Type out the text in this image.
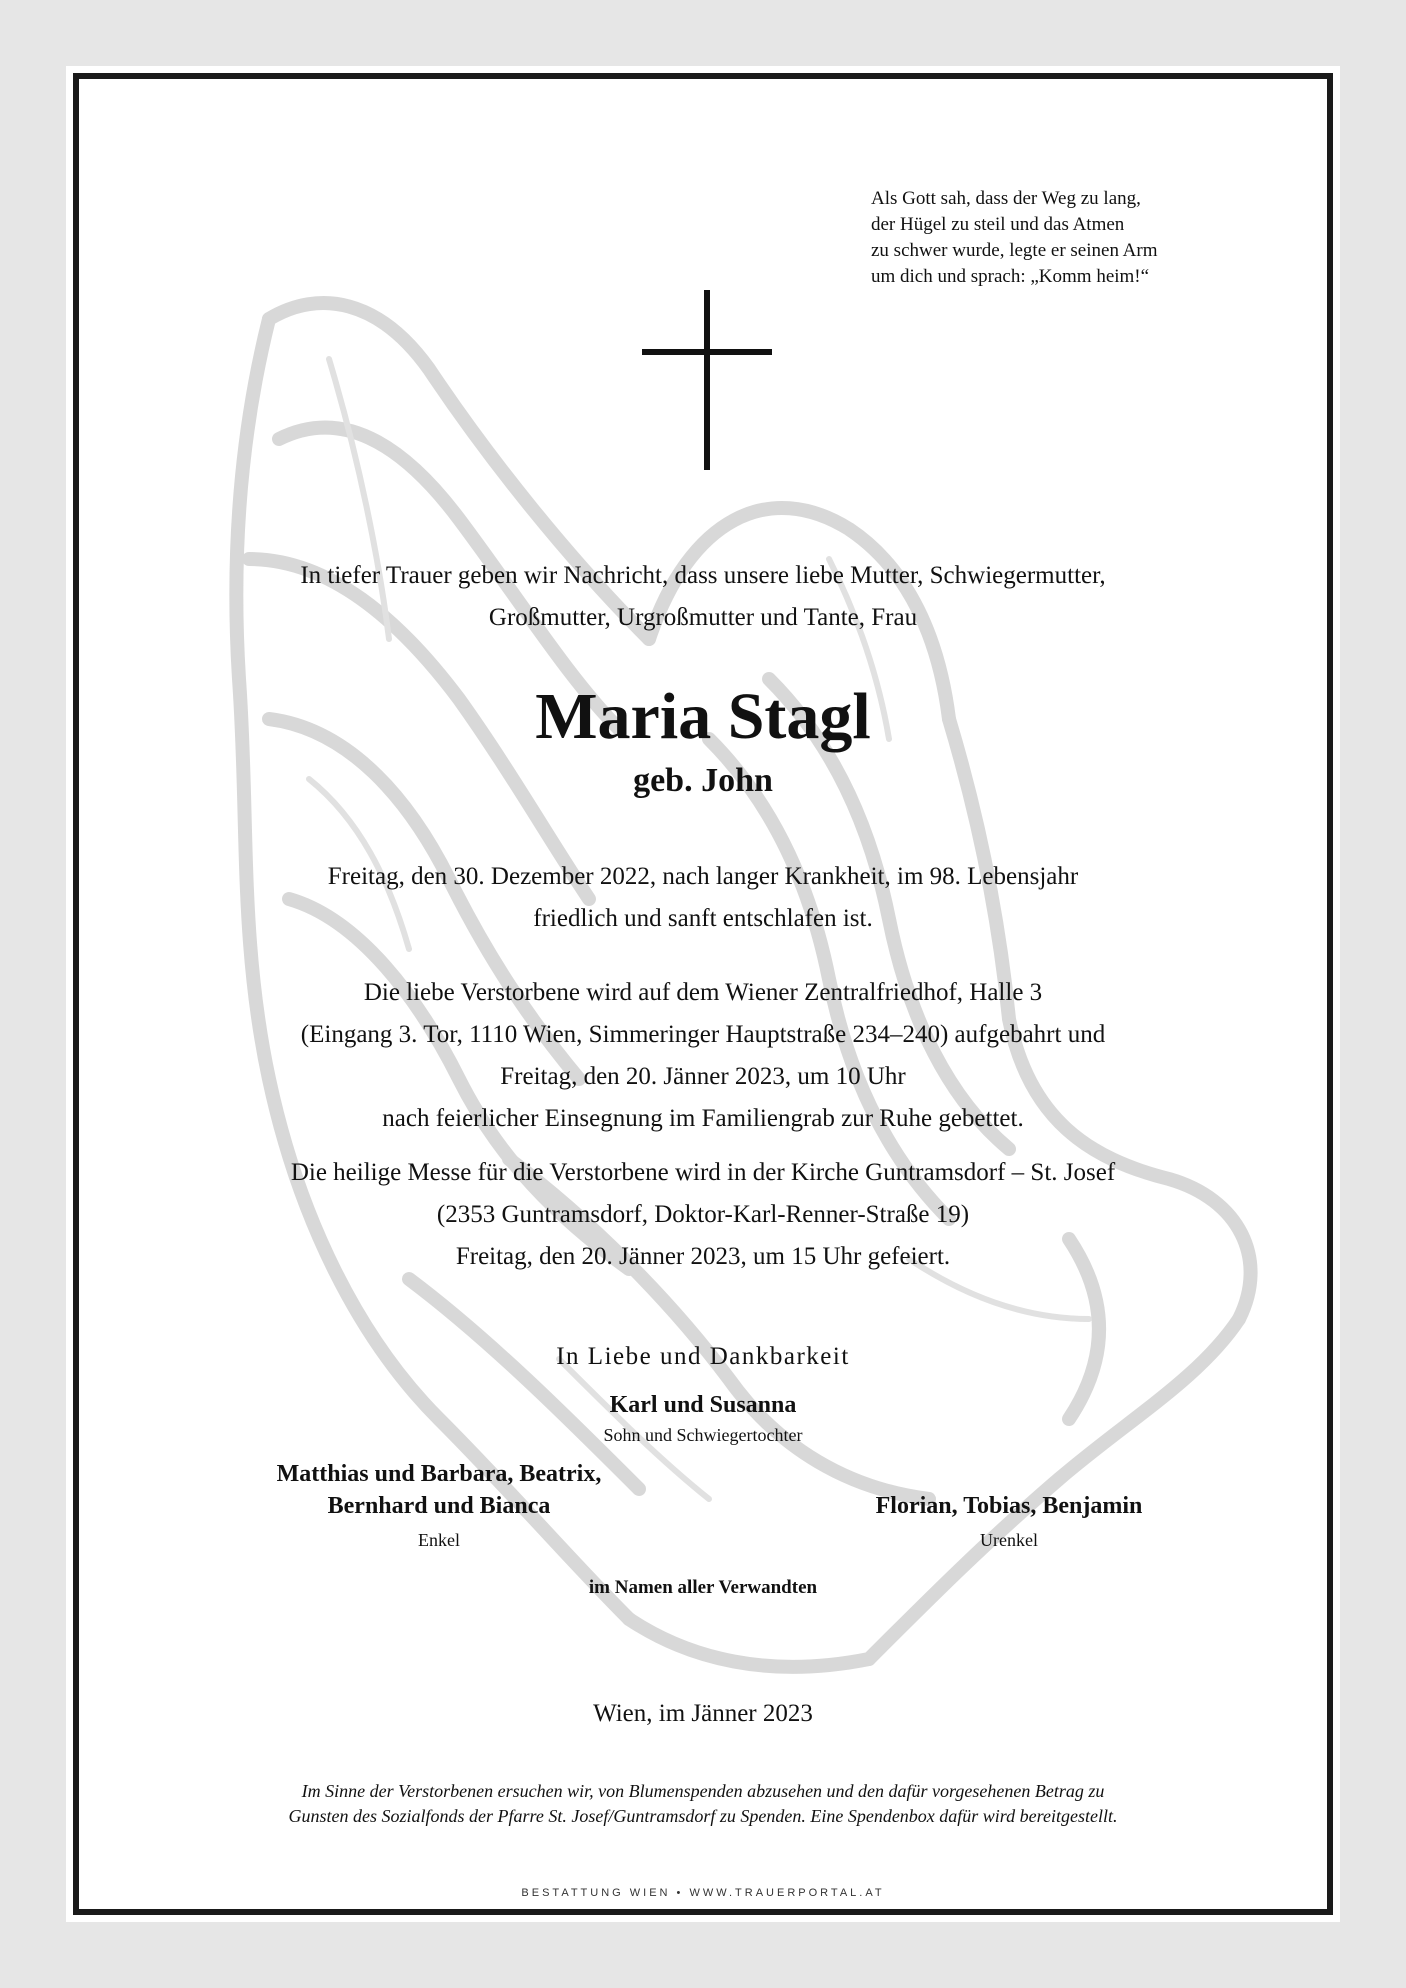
Als Gott sah, dass der Weg zu lang,
der Hügel zu steil und das Atmen
zu schwer wurde, legte er seinen Arm
um dich und sprach: „Komm heim!“
In tiefer Trauer geben wir Nachricht, dass unsere liebe Mutter, Schwiegermutter,
Großmutter, Urgroßmutter und Tante, Frau
Maria Stagl
geb. John
Freitag, den 30. Dezember 2022, nach langer Krankheit, im 98. Lebensjahr
friedlich und sanft entschlafen ist.
Die liebe Verstorbene wird auf dem Wiener Zentralfriedhof, Halle 3
(Eingang 3. Tor, 1110 Wien, Simmeringer Hauptstraße 234–240) aufgebahrt und
Freitag, den 20. Jänner 2023, um 10 Uhr
nach feierlicher Einsegnung im Familiengrab zur Ruhe gebettet.
Die heilige Messe für die Verstorbene wird in der Kirche Guntramsdorf – St. Josef
(2353 Guntramsdorf, Doktor-Karl-Renner-Straße 19)
Freitag, den 20. Jänner 2023, um 15 Uhr gefeiert.
In Liebe und Dankbarkeit
Karl und Susanna
Sohn und Schwiegertochter
Matthias und Barbara, Beatrix,
Bernhard und Bianca
Enkel
Florian, Tobias, Benjamin
Urenkel
im Namen aller Verwandten
Wien, im Jänner 2023
Im Sinne der Verstorbenen ersuchen wir, von Blumenspenden abzusehen und den dafür vorgesehenen Betrag zu
Gunsten des Sozialfonds der Pfarre St. Josef/Guntramsdorf zu Spenden. Eine Spendenbox dafür wird bereitgestellt.
BESTATTUNG WIEN • WWW.TRAUERPORTAL.AT
